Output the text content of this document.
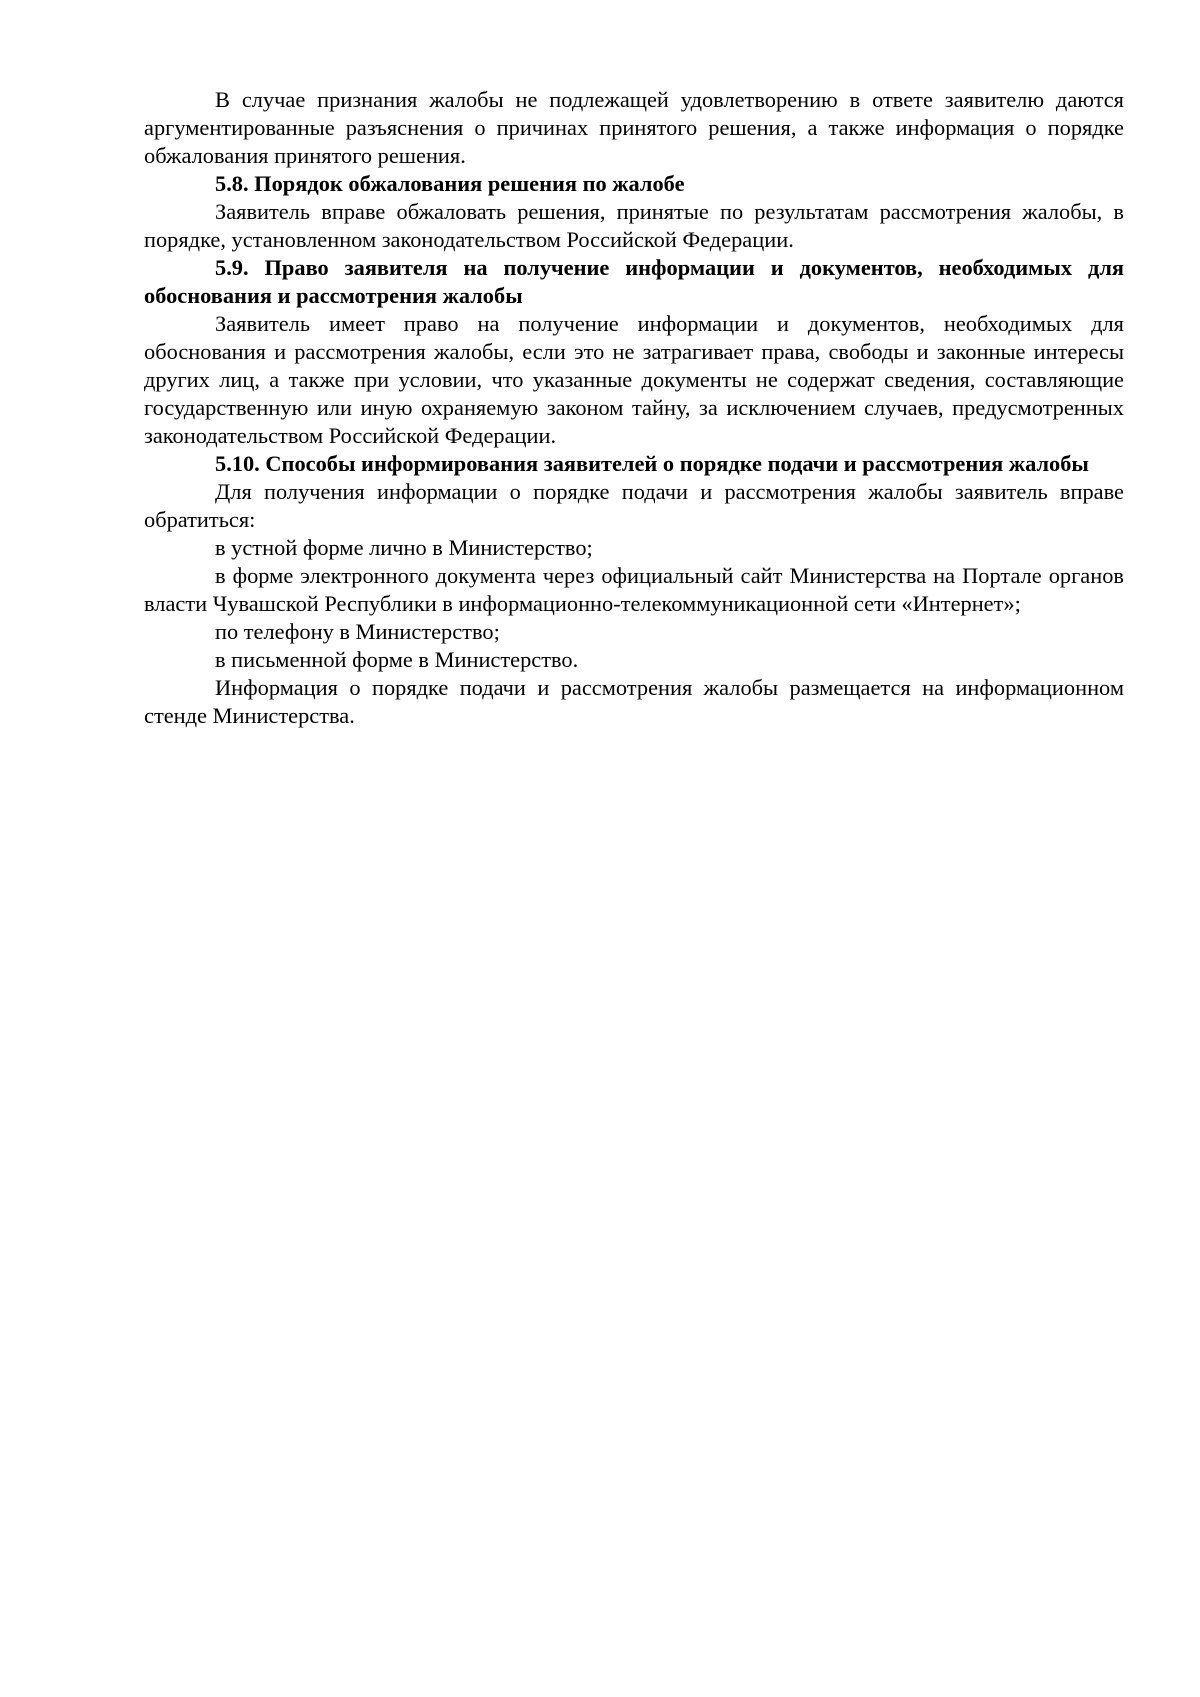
В случае признания жалобы не подлежащей удовлетворению в ответе заявителю даются аргументированные разъяснения о причинах принятого решения, а также информация о порядке обжалования принятого решения.

5.8. Порядок обжалования решения по жалобе

Заявитель вправе обжаловать решения, принятые по результатам рассмотрения жалобы, в порядке, установленном законодательством Российской Федерации.

5.9. Право заявителя на получение информации и документов, необходимых для обоснования и рассмотрения жалобы

Заявитель имеет право на получение информации и документов, необходимых для обоснования и рассмотрения жалобы, если это не затрагивает права, свободы и законные интересы других лиц, а также при условии, что указанные документы не содержат сведения, составляющие государственную или иную охраняемую законом тайну, за исключением случаев, предусмотренных законодательством Российской Федерации.

5.10. Способы информирования заявителей о порядке подачи и рассмотрения жалобы

Для получения информации о порядке подачи и рассмотрения жалобы заявитель вправе обратиться:

в устной форме лично в Министерство;

в форме электронного документа через официальный сайт Министерства на Портале органов власти Чувашской Республики в информационно-телекоммуникационной сети «Интернет»;

по телефону в Министерство;

в письменной форме в Министерство.

Информация о порядке подачи и рассмотрения жалобы размещается на информационном стенде Министерства.
